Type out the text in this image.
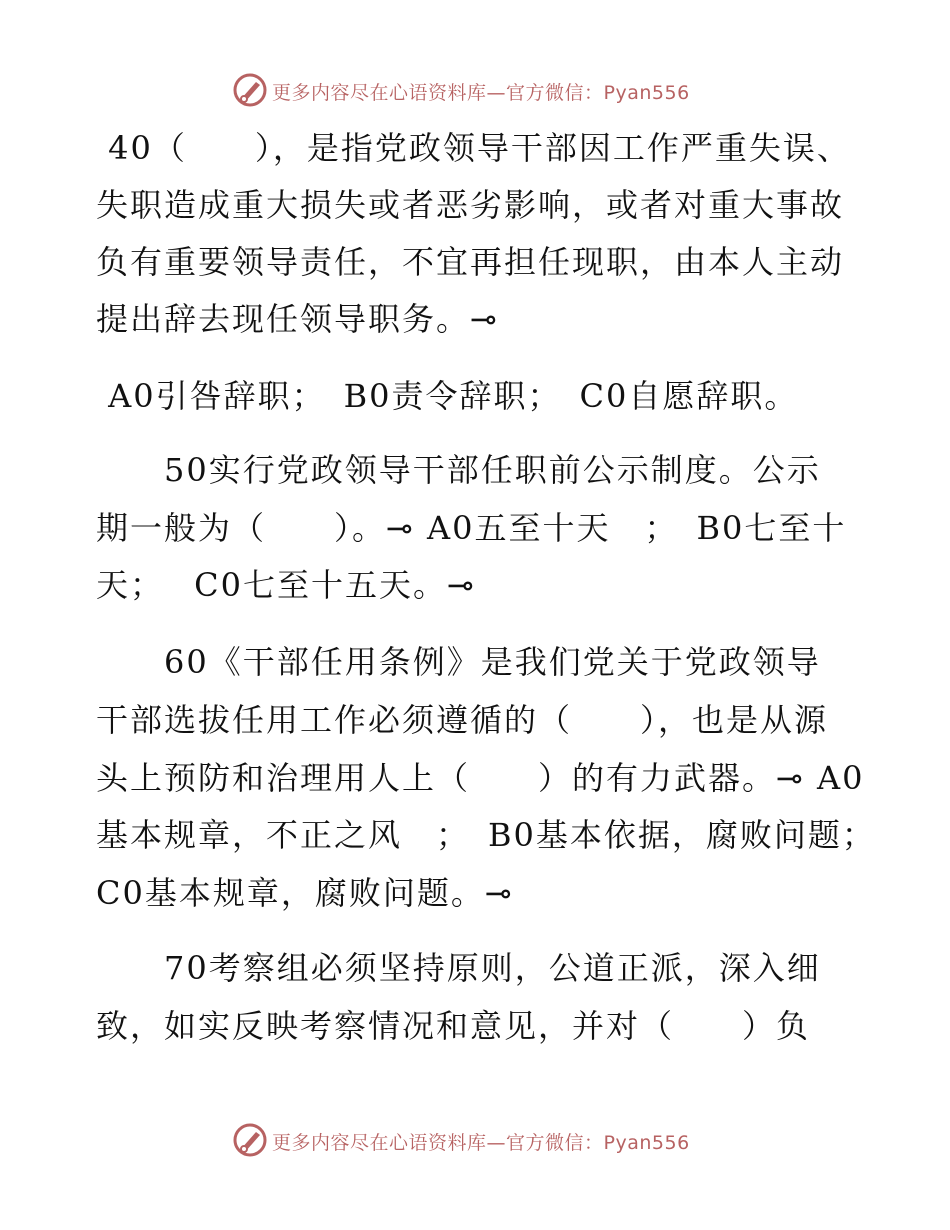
更多内容尽在心语资料库—官方微信：Pyan556
40（　　），是指党政领导干部因工作严重失误、
失职造成重大损失或者恶劣影响，或者对重大事故
负有重要领导责任，不宜再担任现职，由本人主动
提出辞去现任领导职务。⊸
A0引咎辞职；　B0责令辞职；　C0自愿辞职。
　　50实行党政领导干部任职前公示制度。公示
期一般为（　　）。⊸ A0五至十天　；　B0七至十
天；　 C0七至十五天。⊸
　　60《干部任用条例》是我们党关于党政领导
干部选拔任用工作必须遵循的（　　），也是从源
头上预防和治理用人上（　　）的有力武器。⊸ A0
基本规章，不正之风　；　B0基本依据，腐败问题；
C0基本规章，腐败问题。⊸
　　70考察组必须坚持原则，公道正派，深入细
致，如实反映考察情况和意见，并对（　　）负
更多内容尽在心语资料库—官方微信：Pyan556
